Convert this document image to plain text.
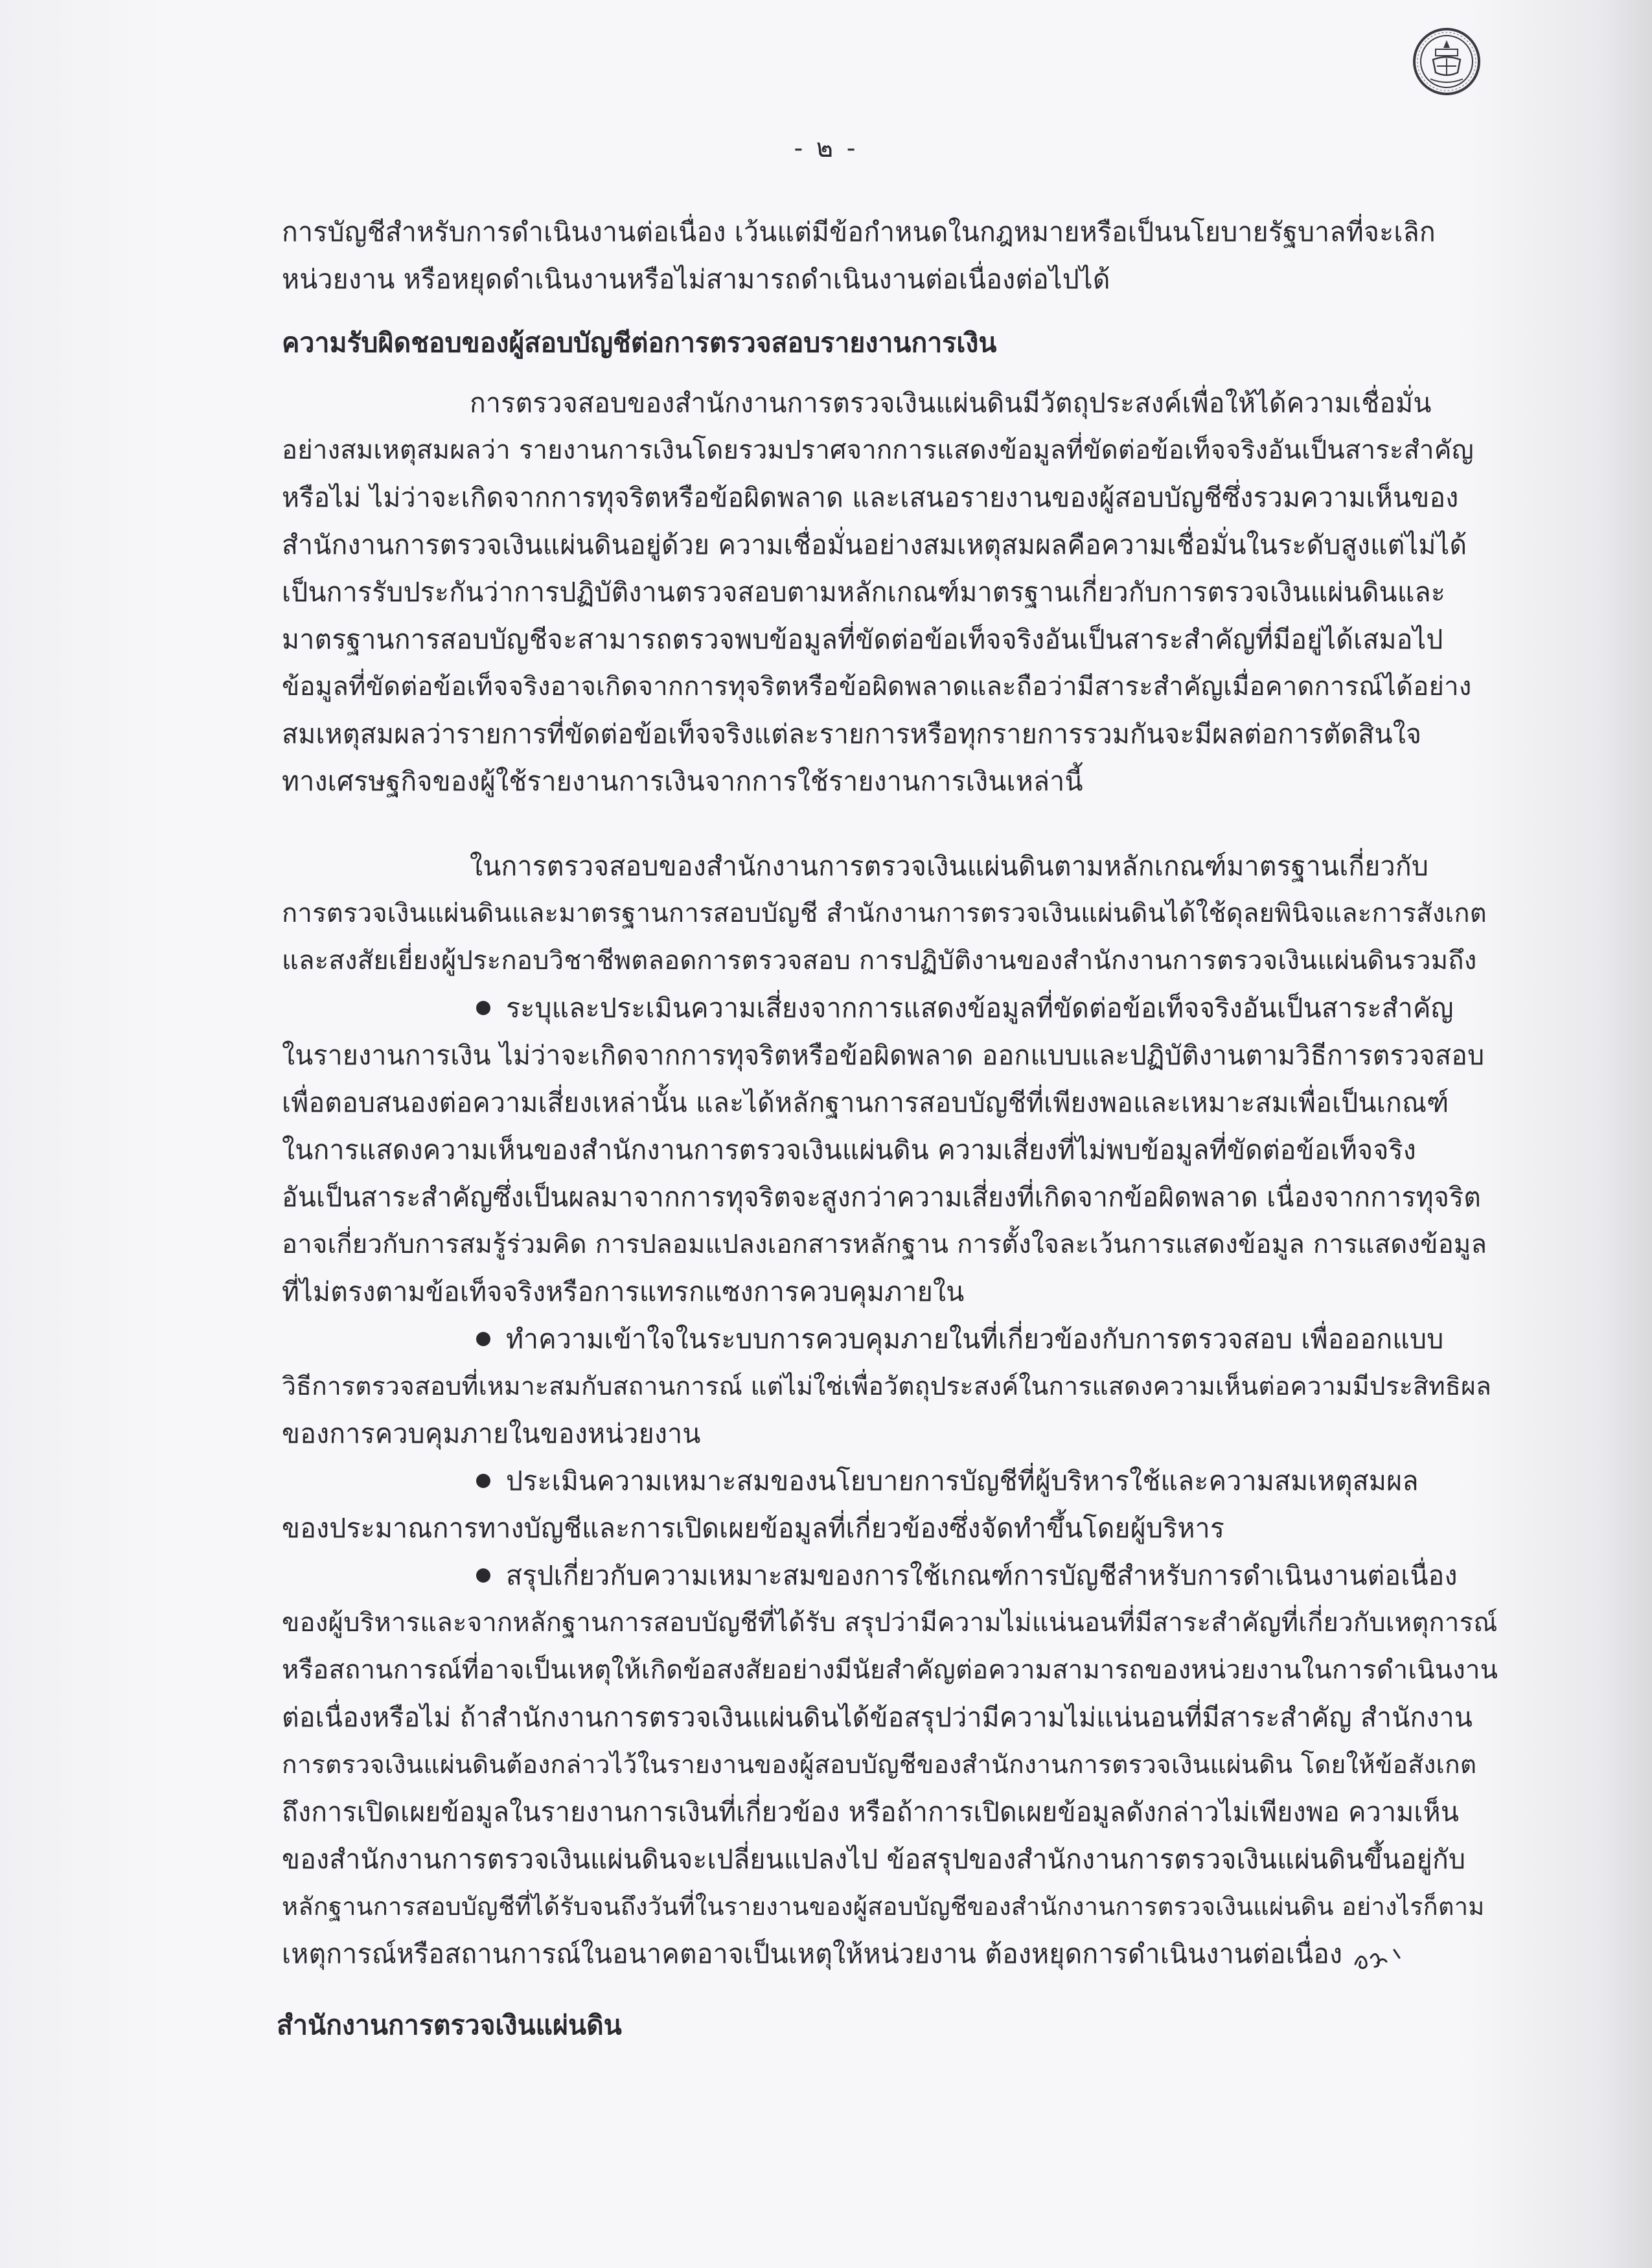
- ๒ -
การบัญชีสำหรับการดำเนินงานต่อเนื่อง เว้นแต่มีข้อกำหนดในกฎหมายหรือเป็นนโยบายรัฐบาลที่จะเลิก
หน่วยงาน หรือหยุดดำเนินงานหรือไม่สามารถดำเนินงานต่อเนื่องต่อไปได้
ความรับผิดชอบของผู้สอบบัญชีต่อการตรวจสอบรายงานการเงิน
การตรวจสอบของสำนักงานการตรวจเงินแผ่นดินมีวัตถุประสงค์เพื่อให้ได้ความเชื่อมั่น
อย่างสมเหตุสมผลว่า รายงานการเงินโดยรวมปราศจากการแสดงข้อมูลที่ขัดต่อข้อเท็จจริงอันเป็นสาระสำคัญ
หรือไม่ ไม่ว่าจะเกิดจากการทุจริตหรือข้อผิดพลาด และเสนอรายงานของผู้สอบบัญชีซึ่งรวมความเห็นของ
สำนักงานการตรวจเงินแผ่นดินอยู่ด้วย ความเชื่อมั่นอย่างสมเหตุสมผลคือความเชื่อมั่นในระดับสูงแต่ไม่ได้
เป็นการรับประกันว่าการปฏิบัติงานตรวจสอบตามหลักเกณฑ์มาตรฐานเกี่ยวกับการตรวจเงินแผ่นดินและ
มาตรฐานการสอบบัญชีจะสามารถตรวจพบข้อมูลที่ขัดต่อข้อเท็จจริงอันเป็นสาระสำคัญที่มีอยู่ได้เสมอไป
ข้อมูลที่ขัดต่อข้อเท็จจริงอาจเกิดจากการทุจริตหรือข้อผิดพลาดและถือว่ามีสาระสำคัญเมื่อคาดการณ์ได้อย่าง
สมเหตุสมผลว่ารายการที่ขัดต่อข้อเท็จจริงแต่ละรายการหรือทุกรายการรวมกันจะมีผลต่อการตัดสินใจ
ทางเศรษฐกิจของผู้ใช้รายงานการเงินจากการใช้รายงานการเงินเหล่านี้
ในการตรวจสอบของสำนักงานการตรวจเงินแผ่นดินตามหลักเกณฑ์มาตรฐานเกี่ยวกับ
การตรวจเงินแผ่นดินและมาตรฐานการสอบบัญชี สำนักงานการตรวจเงินแผ่นดินได้ใช้ดุลยพินิจและการสังเกต
และสงสัยเยี่ยงผู้ประกอบวิชาชีพตลอดการตรวจสอบ การปฏิบัติงานของสำนักงานการตรวจเงินแผ่นดินรวมถึง
ระบุและประเมินความเสี่ยงจากการแสดงข้อมูลที่ขัดต่อข้อเท็จจริงอันเป็นสาระสำคัญ
ในรายงานการเงิน ไม่ว่าจะเกิดจากการทุจริตหรือข้อผิดพลาด ออกแบบและปฏิบัติงานตามวิธีการตรวจสอบ
เพื่อตอบสนองต่อความเสี่ยงเหล่านั้น และได้หลักฐานการสอบบัญชีที่เพียงพอและเหมาะสมเพื่อเป็นเกณฑ์
ในการแสดงความเห็นของสำนักงานการตรวจเงินแผ่นดิน ความเสี่ยงที่ไม่พบข้อมูลที่ขัดต่อข้อเท็จจริง
อันเป็นสาระสำคัญซึ่งเป็นผลมาจากการทุจริตจะสูงกว่าความเสี่ยงที่เกิดจากข้อผิดพลาด เนื่องจากการทุจริต
อาจเกี่ยวกับการสมรู้ร่วมคิด การปลอมแปลงเอกสารหลักฐาน การตั้งใจละเว้นการแสดงข้อมูล การแสดงข้อมูล
ที่ไม่ตรงตามข้อเท็จจริงหรือการแทรกแซงการควบคุมภายใน
ทำความเข้าใจในระบบการควบคุมภายในที่เกี่ยวข้องกับการตรวจสอบ เพื่อออกแบบ
วิธีการตรวจสอบที่เหมาะสมกับสถานการณ์ แต่ไม่ใช่เพื่อวัตถุประสงค์ในการแสดงความเห็นต่อความมีประสิทธิผล
ของการควบคุมภายในของหน่วยงาน
ประเมินความเหมาะสมของนโยบายการบัญชีที่ผู้บริหารใช้และความสมเหตุสมผล
ของประมาณการทางบัญชีและการเปิดเผยข้อมูลที่เกี่ยวข้องซึ่งจัดทำขึ้นโดยผู้บริหาร
สรุปเกี่ยวกับความเหมาะสมของการใช้เกณฑ์การบัญชีสำหรับการดำเนินงานต่อเนื่อง
ของผู้บริหารและจากหลักฐานการสอบบัญชีที่ได้รับ สรุปว่ามีความไม่แน่นอนที่มีสาระสำคัญที่เกี่ยวกับเหตุการณ์
หรือสถานการณ์ที่อาจเป็นเหตุให้เกิดข้อสงสัยอย่างมีนัยสำคัญต่อความสามารถของหน่วยงานในการดำเนินงาน
ต่อเนื่องหรือไม่ ถ้าสำนักงานการตรวจเงินแผ่นดินได้ข้อสรุปว่ามีความไม่แน่นอนที่มีสาระสำคัญ สำนักงาน
การตรวจเงินแผ่นดินต้องกล่าวไว้ในรายงานของผู้สอบบัญชีของสำนักงานการตรวจเงินแผ่นดิน โดยให้ข้อสังเกต
ถึงการเปิดเผยข้อมูลในรายงานการเงินที่เกี่ยวข้อง หรือถ้าการเปิดเผยข้อมูลดังกล่าวไม่เพียงพอ ความเห็น
ของสำนักงานการตรวจเงินแผ่นดินจะเปลี่ยนแปลงไป ข้อสรุปของสำนักงานการตรวจเงินแผ่นดินขึ้นอยู่กับ
หลักฐานการสอบบัญชีที่ได้รับจนถึงวันที่ในรายงานของผู้สอบบัญชีของสำนักงานการตรวจเงินแผ่นดิน อย่างไรก็ตาม
เหตุการณ์หรือสถานการณ์ในอนาคตอาจเป็นเหตุให้หน่วยงาน ต้องหยุดการดำเนินงานต่อเนื่อง
สำนักงานการตรวจเงินแผ่นดิน
